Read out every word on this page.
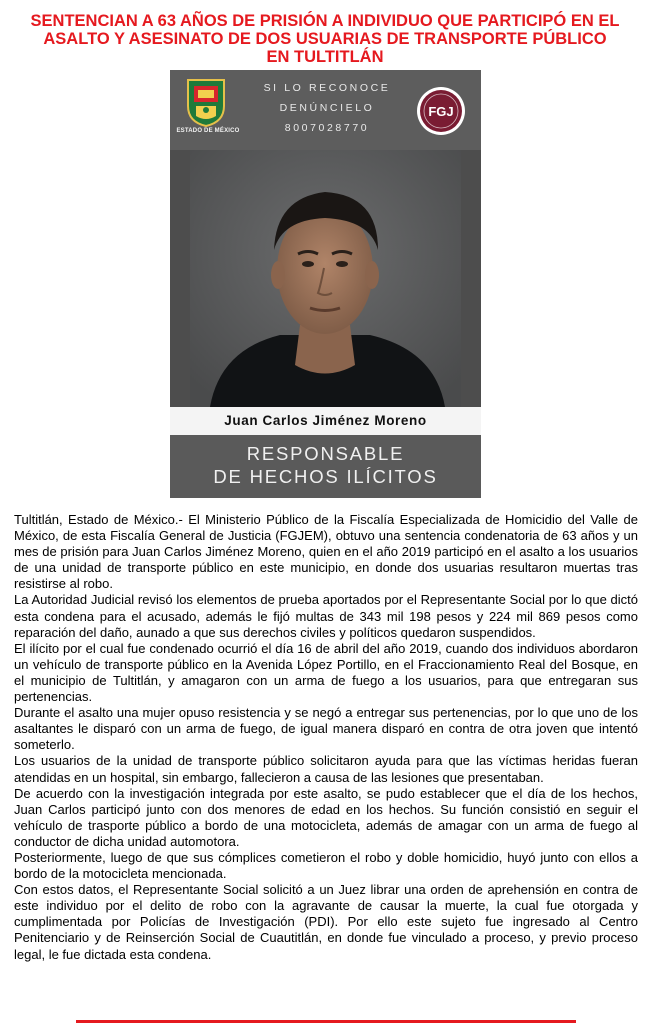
SENTENCIAN A 63 AÑOS DE PRISIÓN A INDIVIDUO QUE PARTICIPÓ EN EL
ASALTO Y ASESINATO DE DOS USUARIAS DE TRANSPORTE PÚBLICO
EN TULTITLÁN
ESTADO DE MÉXICO
SI LO RECONOCE
DENÚNCIELO
8007028770
FGJ
Juan Carlos Jiménez Moreno
RESPONSABLE
DE HECHOS ILÍCITOS

Tultitlán, Estado de México.- El Ministerio Público de la Fiscalía Especializada de Homicidio del Valle de México, de esta Fiscalía General de Justicia (FGJEM), obtuvo una sentencia condenatoria de 63 años y un mes de prisión para Juan Carlos Jiménez Moreno, quien en el año 2019 participó en el asalto a los usuarios de una unidad de transporte público en este municipio, en donde dos usuarias resultaron muertas tras resistirse al robo.

La Autoridad Judicial revisó los elementos de prueba aportados por el Representante Social por lo que dictó esta condena para el acusado, además le fijó multas de 343 mil 198 pesos y 224 mil 869 pesos como reparación del daño, aunado a que sus derechos civiles y políticos quedaron suspendidos.

El ilícito por el cual fue condenado ocurrió el día 16 de abril del año 2019, cuando dos individuos abordaron un vehículo de transporte público en la Avenida López Portillo, en el Fraccionamiento Real del Bosque, en el municipio de Tultitlán, y amagaron con un arma de fuego a los usuarios, para que entregaran sus pertenencias.

Durante el asalto una mujer opuso resistencia y se negó a entregar sus pertenencias, por lo que uno de los asaltantes le disparó con un arma de fuego, de igual manera disparó en contra de otra joven que intentó someterlo.

Los usuarios de la unidad de transporte público solicitaron ayuda para que las víctimas heridas fueran atendidas en un hospital, sin embargo, fallecieron a causa de las lesiones que presentaban.

De acuerdo con la investigación integrada por este asalto, se pudo establecer que el día de los hechos, Juan Carlos participó junto con dos menores de edad en los hechos. Su función consistió en seguir el vehículo de trasporte público a bordo de una motocicleta, además de amagar con un arma de fuego al conductor de dicha unidad automotora.

Posteriormente, luego de que sus cómplices cometieron el robo y doble homicidio, huyó junto con ellos a bordo de la motocicleta mencionada.

Con estos datos, el Representante Social solicitó a un Juez librar una orden de aprehensión en contra de este individuo por el delito de robo con la agravante de causar la muerte, la cual fue otorgada y cumplimentada por Policías de Investigación (PDI). Por ello este sujeto fue ingresado al Centro Penitenciario y de Reinserción Social de Cuautitlán, en donde fue vinculado a proceso, y previo proceso legal, le fue dictada esta condena.
